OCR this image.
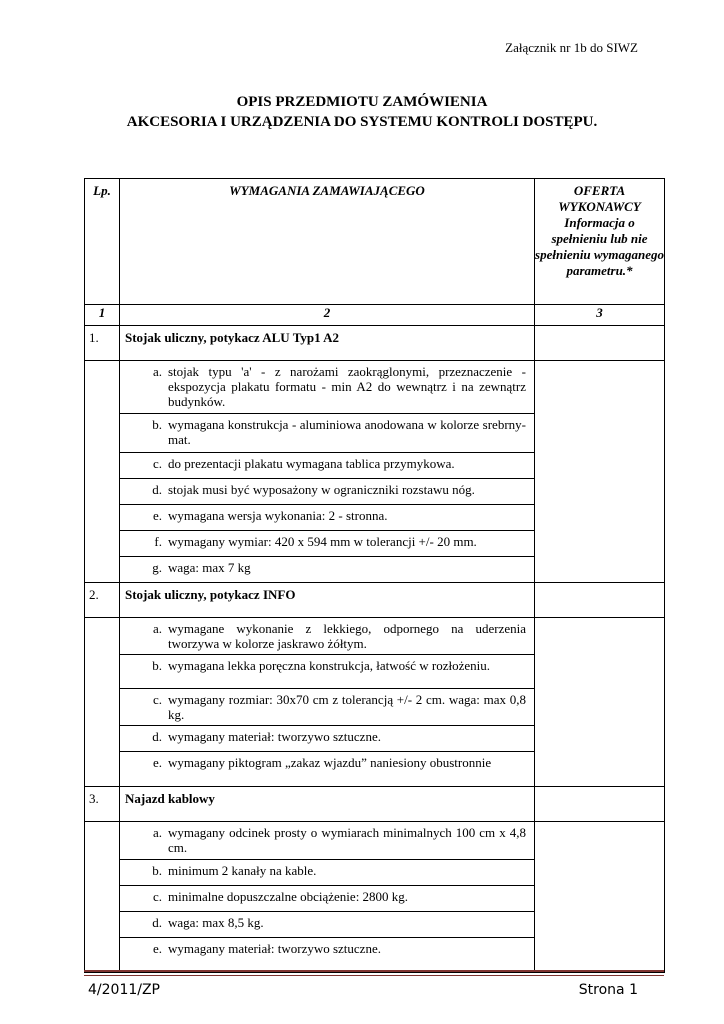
Załącznik nr 1b do SIWZ
OPIS PRZEDMIOTU ZAMÓWIENIA
AKCESORIA I URZĄDZENIA DO SYSTEMU KONTROLI DOSTĘPU.
Lp.	WYMAGANIA ZAMAWIAJĄCEGO	OFERTA WYKONAWCY Informacja o spełnieniu lub nie spełnieniu wymaganego parametru.*
1	2	3
1.	Stojak uliczny, potykacz ALU Typ1 A2	

a.	stojak typu 'a' - z narożami zaokrąglonymi, przeznaczenie - ekspozycja plakatu formatu - min A2 do wewnątrz i na zewnątrz budynków.
b.	wymagana konstrukcja - aluminiowa anodowana w kolorze srebrny-mat.
c.	do prezentacji plakatu wymagana tablica przymykowa.
d.	stojak musi być wyposażony w ograniczniki rozstawu nóg.
e.	wymagana wersja wykonania: 2 - stronna.
f.	wymagany wymiar: 420 x 594 mm w tolerancji +/- 20 mm.
g.	waga: max 7 kg

2.	Stojak uliczny, potykacz INFO	

a.	wymagane wykonanie z lekkiego, odpornego na uderzenia tworzywa w kolorze jaskrawo żółtym.
b.	wymagana lekka poręczna konstrukcja, łatwość w rozłożeniu.
c.	wymagany rozmiar: 30x70 cm z tolerancją +/- 2 cm. waga: max 0,8 kg.
d.	wymagany materiał: tworzywo sztuczne.
e.	wymagany piktogram „zakaz wjazdu” naniesiony obustronnie

3.	Najazd kablowy	

a.	wymagany odcinek prosty o wymiarach minimalnych 100 cm x 4,8 cm.
b.	minimum 2 kanały na kable.
c.	minimalne dopuszczalne obciążenie: 2800 kg.
d.	waga: max 8,5 kg.
e.	wymagany materiał: tworzywo sztuczne.

4/2011/ZP	Strona 1
